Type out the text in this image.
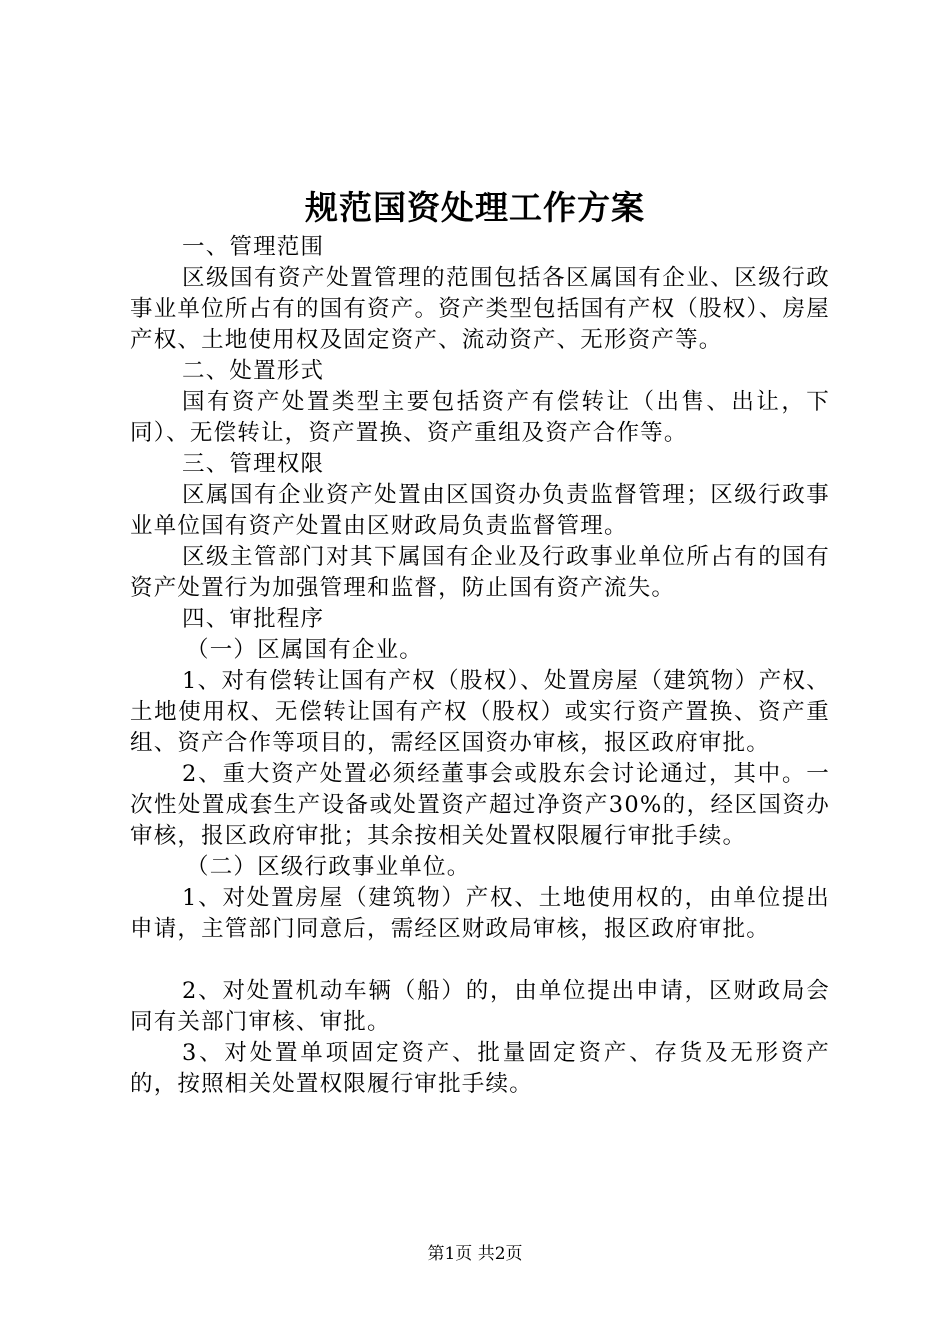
规范国资处理工作方案

一、管理范围

区级国有资产处置管理的范围包括各区属国有企业、区级行政事业单位所占有的国有资产。资产类型包括国有产权（股权）、房屋产权、土地使用权及固定资产、流动资产、无形资产等。

二、处置形式

国有资产处置类型主要包括资产有偿转让（出售、出让，下同）、无偿转让，资产置换、资产重组及资产合作等。

三、管理权限

区属国有企业资产处置由区国资办负责监督管理；区级行政事业单位国有资产处置由区财政局负责监督管理。

区级主管部门对其下属国有企业及行政事业单位所占有的国有资产处置行为加强管理和监督，防止国有资产流失。

四、审批程序

（一）区属国有企业。

1、对有偿转让国有产权（股权）、处置房屋（建筑物）产权、土地使用权、无偿转让国有产权（股权）或实行资产置换、资产重组、资产合作等项目的，需经区国资办审核，报区政府审批。

2、重大资产处置必须经董事会或股东会讨论通过，其中。一次性处置成套生产设备或处置资产超过净资产30%的，经区国资办审核，报区政府审批；其余按相关处置权限履行审批手续。

（二）区级行政事业单位。

1、对处置房屋（建筑物）产权、土地使用权的，由单位提出申请，主管部门同意后，需经区财政局审核，报区政府审批。

2、对处置机动车辆（船）的，由单位提出申请，区财政局会同有关部门审核、审批。

3、对处置单项固定资产、批量固定资产、存货及无形资产的，按照相关处置权限履行审批手续。

第1页 共2页
